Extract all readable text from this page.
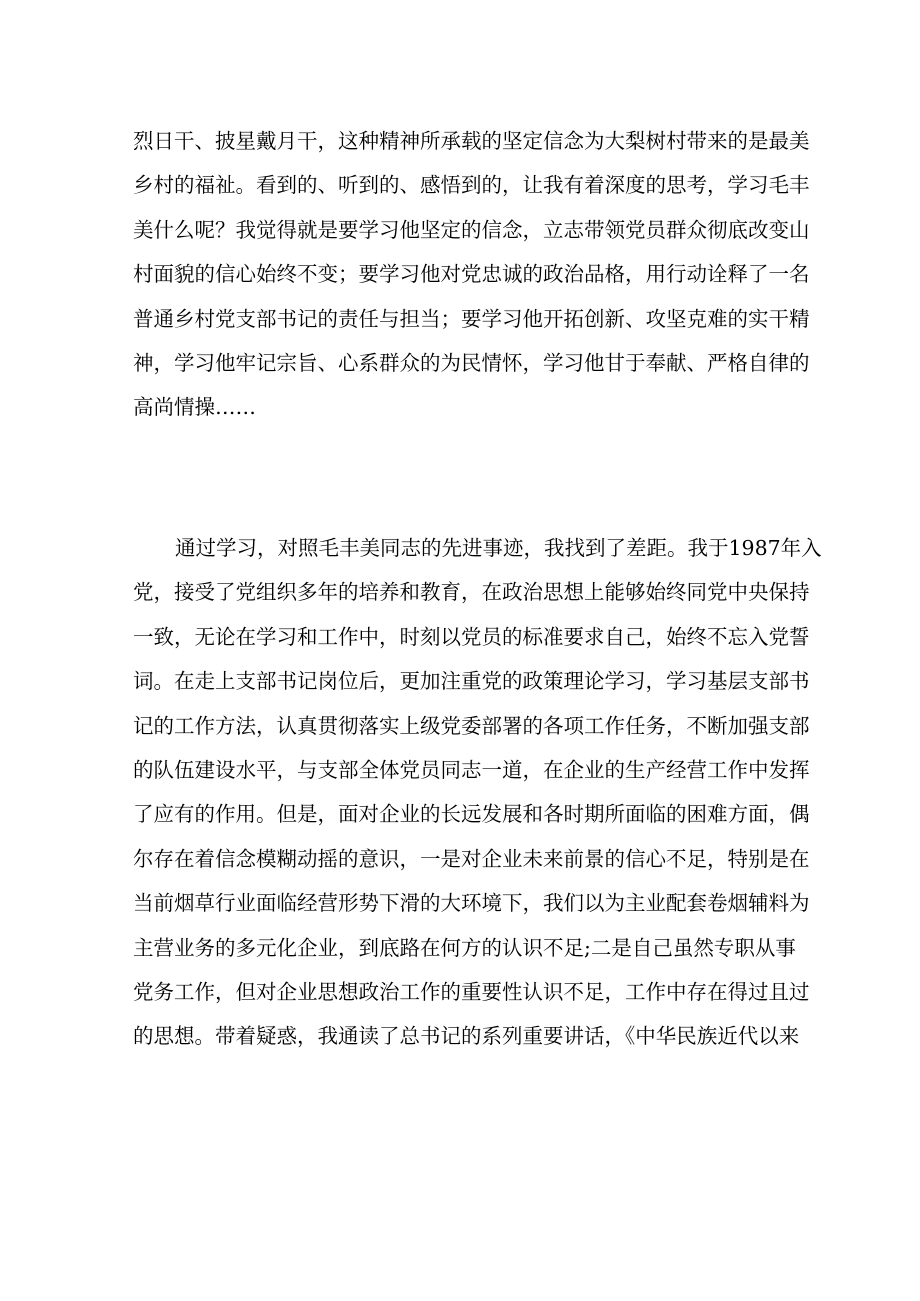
烈日干、披星戴月干，这种精神所承载的坚定信念为大梨树村带来的是最美
乡村的福祉。看到的、听到的、感悟到的，让我有着深度的思考，学习毛丰
美什么呢？我觉得就是要学习他坚定的信念，立志带领党员群众彻底改变山
村面貌的信心始终不变；要学习他对党忠诚的政治品格，用行动诠释了一名
普通乡村党支部书记的责任与担当；要学习他开拓创新、攻坚克难的实干精
神，学习他牢记宗旨、心系群众的为民情怀，学习他甘于奉献、严格自律的
高尚情操……
通过学习，对照毛丰美同志的先进事迹，我找到了差距。我于1987年入
党，接受了党组织多年的培养和教育，在政治思想上能够始终同党中央保持
一致，无论在学习和工作中，时刻以党员的标准要求自己，始终不忘入党誓
词。在走上支部书记岗位后，更加注重党的政策理论学习，学习基层支部书
记的工作方法，认真贯彻落实上级党委部署的各项工作任务，不断加强支部
的队伍建设水平，与支部全体党员同志一道，在企业的生产经营工作中发挥
了应有的作用。但是，面对企业的长远发展和各时期所面临的困难方面，偶
尔存在着信念模糊动摇的意识，一是对企业未来前景的信心不足，特别是在
当前烟草行业面临经营形势下滑的大环境下，我们以为主业配套卷烟辅料为
主营业务的多元化企业，到底路在何方的认识不足;二是自己虽然专职从事
党务工作，但对企业思想政治工作的重要性认识不足，工作中存在得过且过
的思想。带着疑惑，我通读了总书记的系列重要讲话，《中华民族近代以来
